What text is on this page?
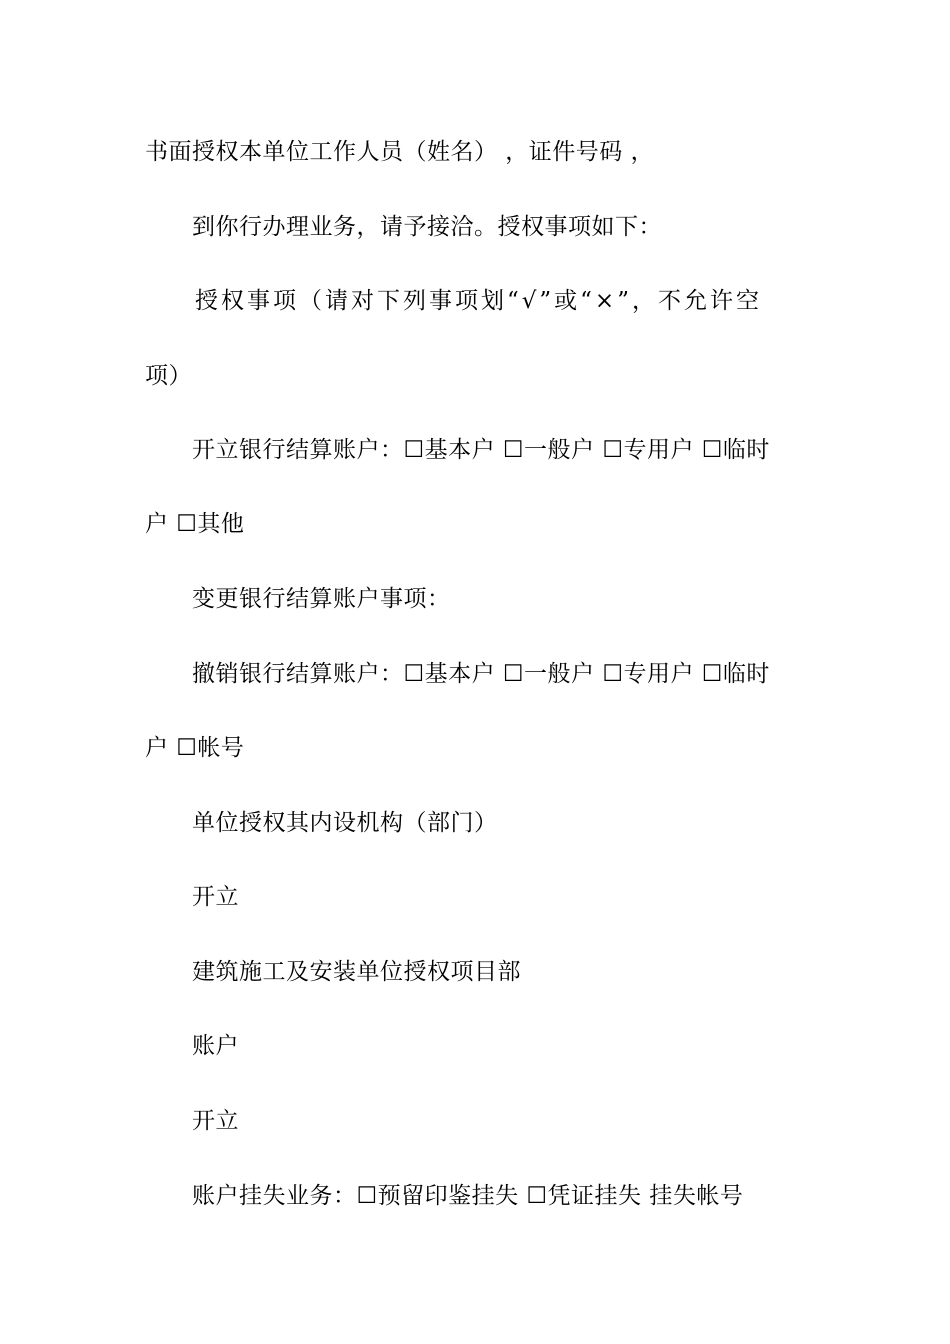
书面授权本单位工作人员（姓名） ，证件号码 ，
到你行办理业务，请予接洽。授权事项如下：
授权事项（请对下列事项划“√”或“×”，不允许空
项）
开立银行结算账户：☐基本户 ☐一般户 ☐专用户 ☐临时
户 ☐其他
变更银行结算账户事项：
撤销银行结算账户：☐基本户 ☐一般户 ☐专用户 ☐临时
户 ☐帐号
单位授权其内设机构（部门）
开立
建筑施工及安装单位授权项目部
账户
开立
账户挂失业务：☐预留印鉴挂失 ☐凭证挂失 挂失帐号
